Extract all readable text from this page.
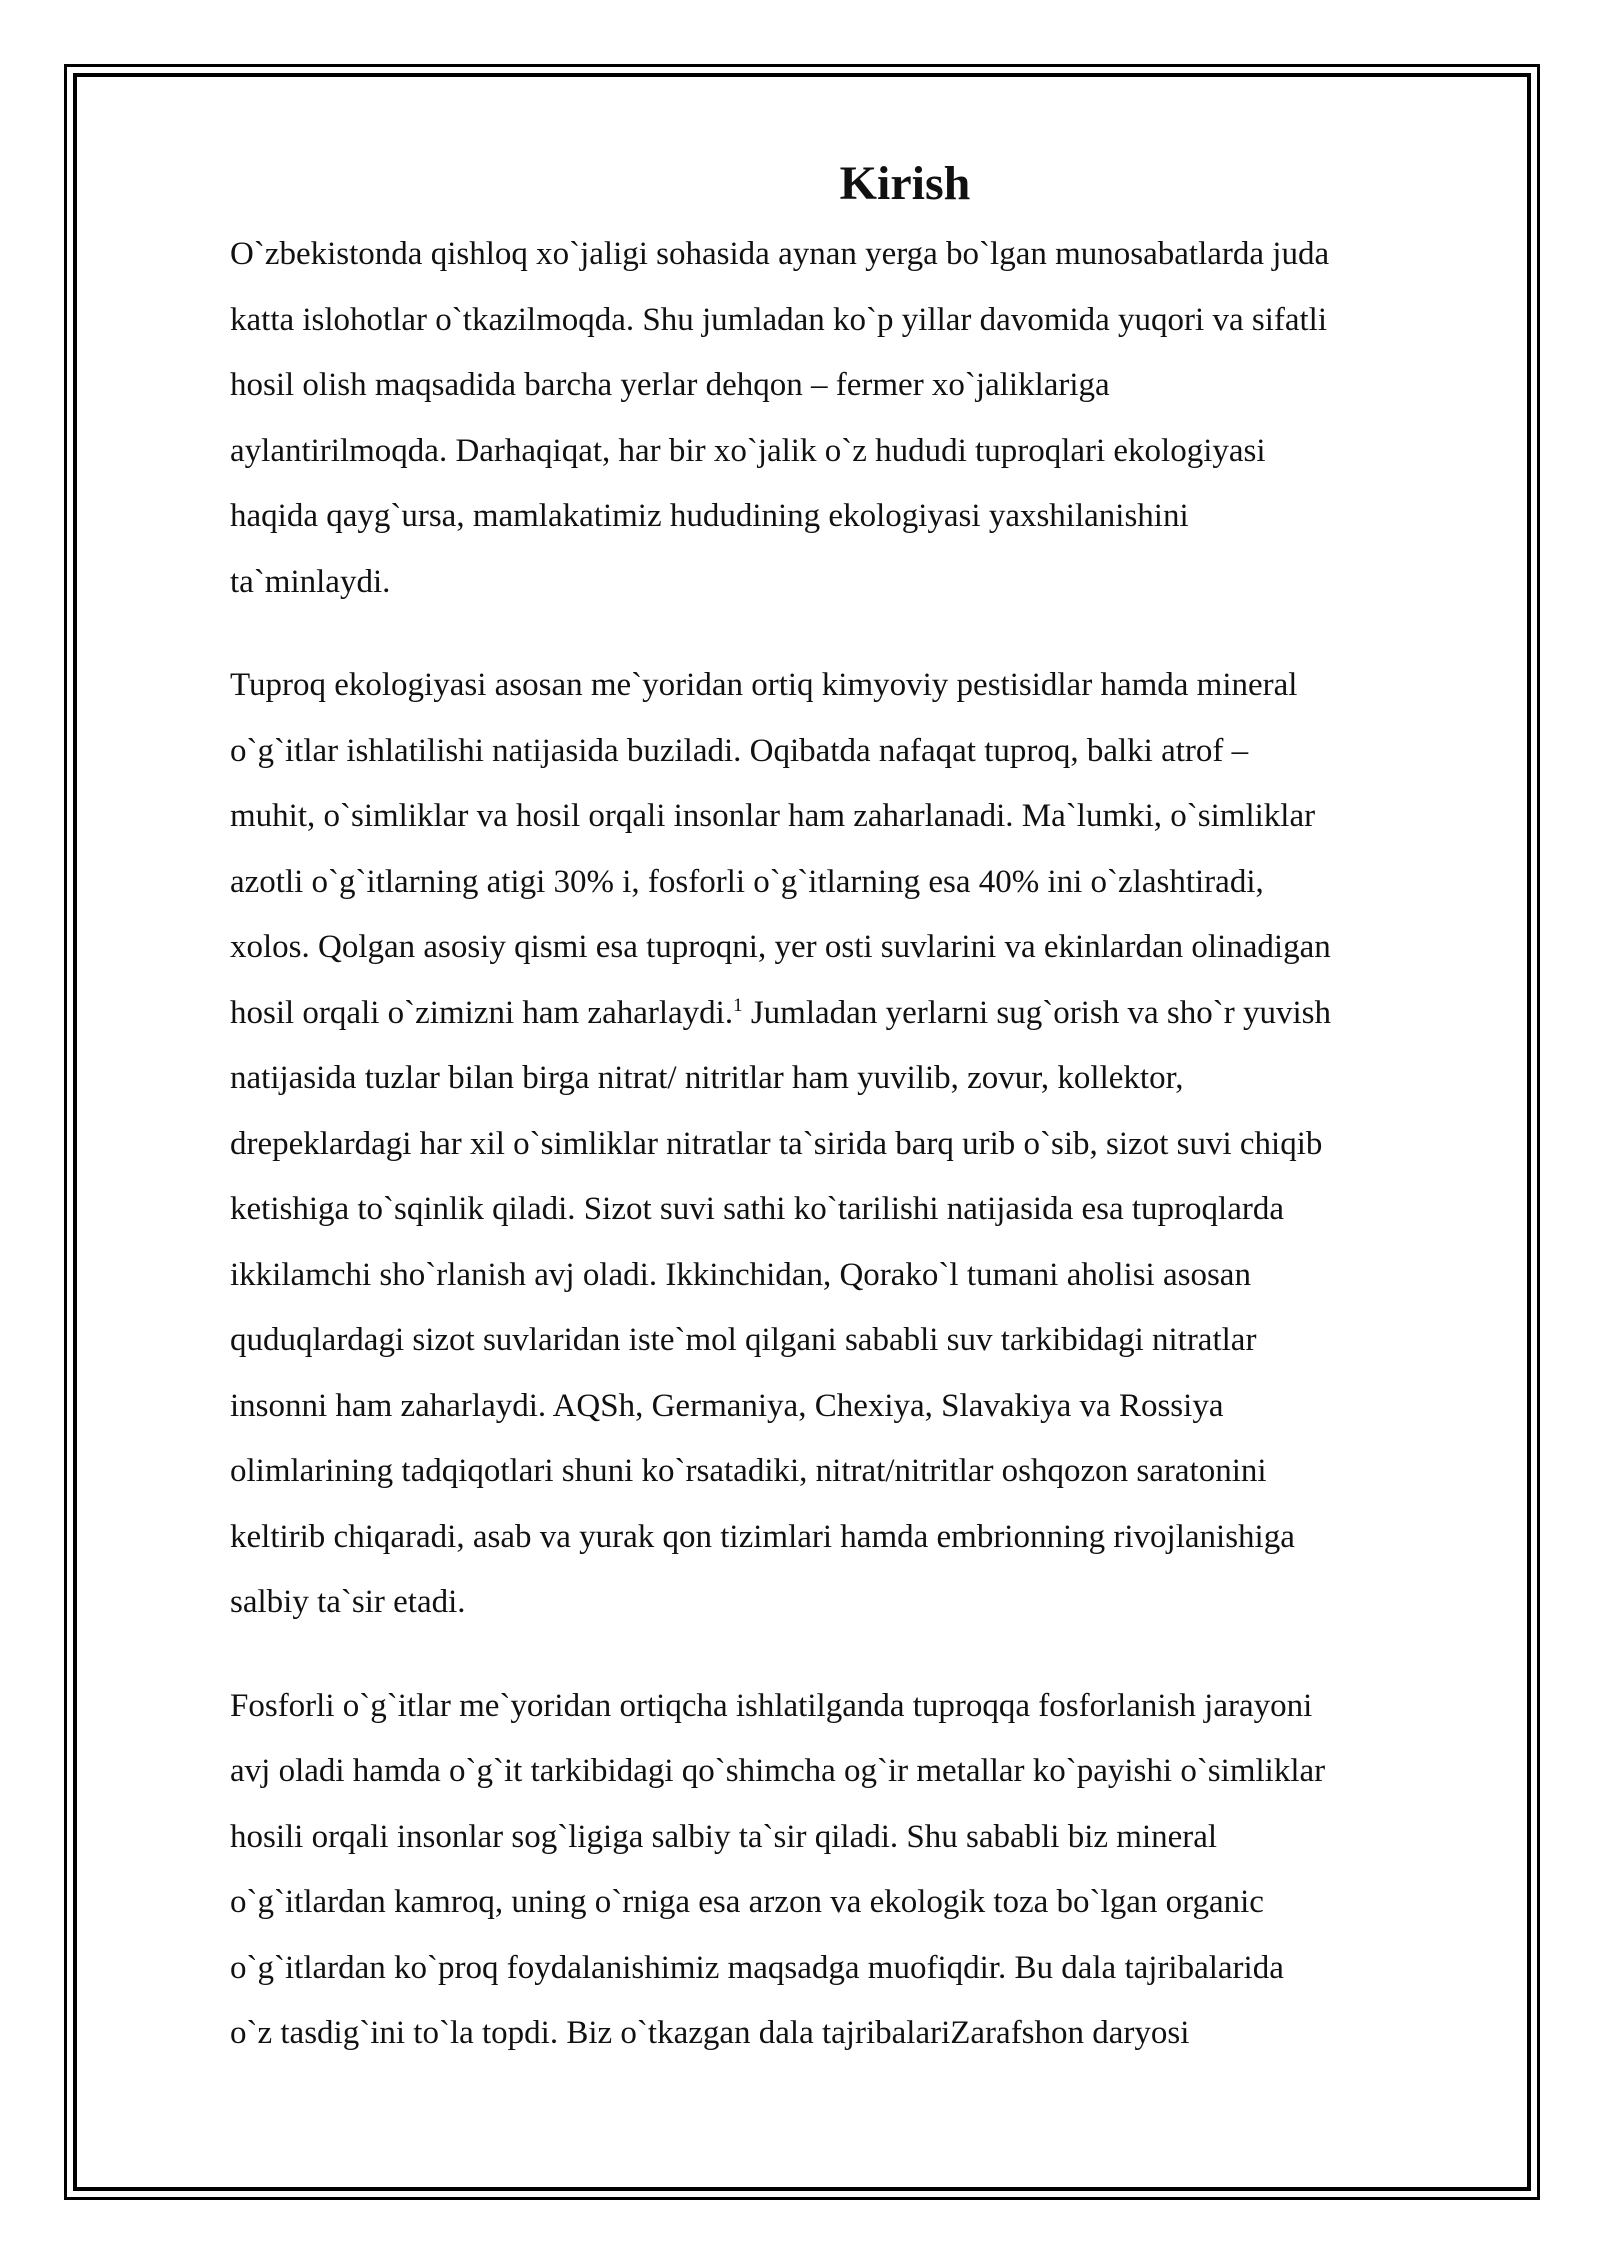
Kirish

O`zbekistonda qishloq xo`jaligi sohasida aynan yerga bo`lgan munosabatlarda juda
katta islohotlar o`tkazilmoqda. Shu jumladan ko`p yillar davomida yuqori va sifatli
hosil olish maqsadida barcha yerlar dehqon – fermer xo`jaliklariga
aylantirilmoqda. Darhaqiqat, har bir xo`jalik o`z hududi tuproqlari ekologiyasi
haqida qayg`ursa, mamlakatimiz hududining ekologiyasi yaxshilanishini
ta`minlaydi.

Tuproq ekologiyasi asosan me`yoridan ortiq kimyoviy pestisidlar hamda mineral
o`g`itlar ishlatilishi natijasida buziladi. Oqibatda nafaqat tuproq, balki atrof –
muhit, o`simliklar va hosil orqali insonlar ham zaharlanadi. Ma`lumki, o`simliklar
azotli o`g`itlarning atigi 30% i, fosforli o`g`itlarning esa 40% ini o`zlashtiradi,
xolos. Qolgan asosiy qismi esa tuproqni, yer osti suvlarini va ekinlardan olinadigan
hosil orqali o`zimizni ham zaharlaydi.$^1$ Jumladan yerlarni sug`orish va sho`r yuvish
natijasida tuzlar bilan birga nitrat/ nitritlar ham yuvilib, zovur, kollektor,
drepeklardagi har xil o`simliklar nitratlar ta`sirida barq urib o`sib, sizot suvi chiqib
ketishiga to`sqinlik qiladi. Sizot suvi sathi ko`tarilishi natijasida esa tuproqlarda
ikkilamchi sho`rlanish avj oladi. Ikkinchidan, Qorako`l tumani aholisi asosan
quduqlardagi sizot suvlaridan iste`mol qilgani sababli suv tarkibidagi nitratlar
insonni ham zaharlaydi. AQSh, Germaniya, Chexiya, Slavakiya va Rossiya
olimlarining tadqiqotlari shuni ko`rsatadiki, nitrat/nitritlar oshqozon saratonini
keltirib chiqaradi, asab va yurak qon tizimlari hamda embrionning rivojlanishiga
salbiy ta`sir etadi.

Fosforli o`g`itlar me`yoridan ortiqcha ishlatilganda tuproqqa fosforlanish jarayoni
avj oladi hamda o`g`it tarkibidagi qo`shimcha og`ir metallar ko`payishi o`simliklar
hosili orqali insonlar sog`ligiga salbiy ta`sir qiladi. Shu sababli biz mineral
o`g`itlardan kamroq, uning o`rniga esa arzon va ekologik toza bo`lgan organic
o`g`itlardan ko`proq foydalanishimiz maqsadga muofiqdir. Bu dala tajribalarida
o`z tasdig`ini to`la topdi. Biz o`tkazgan dala tajribalariZarafshon daryosi
